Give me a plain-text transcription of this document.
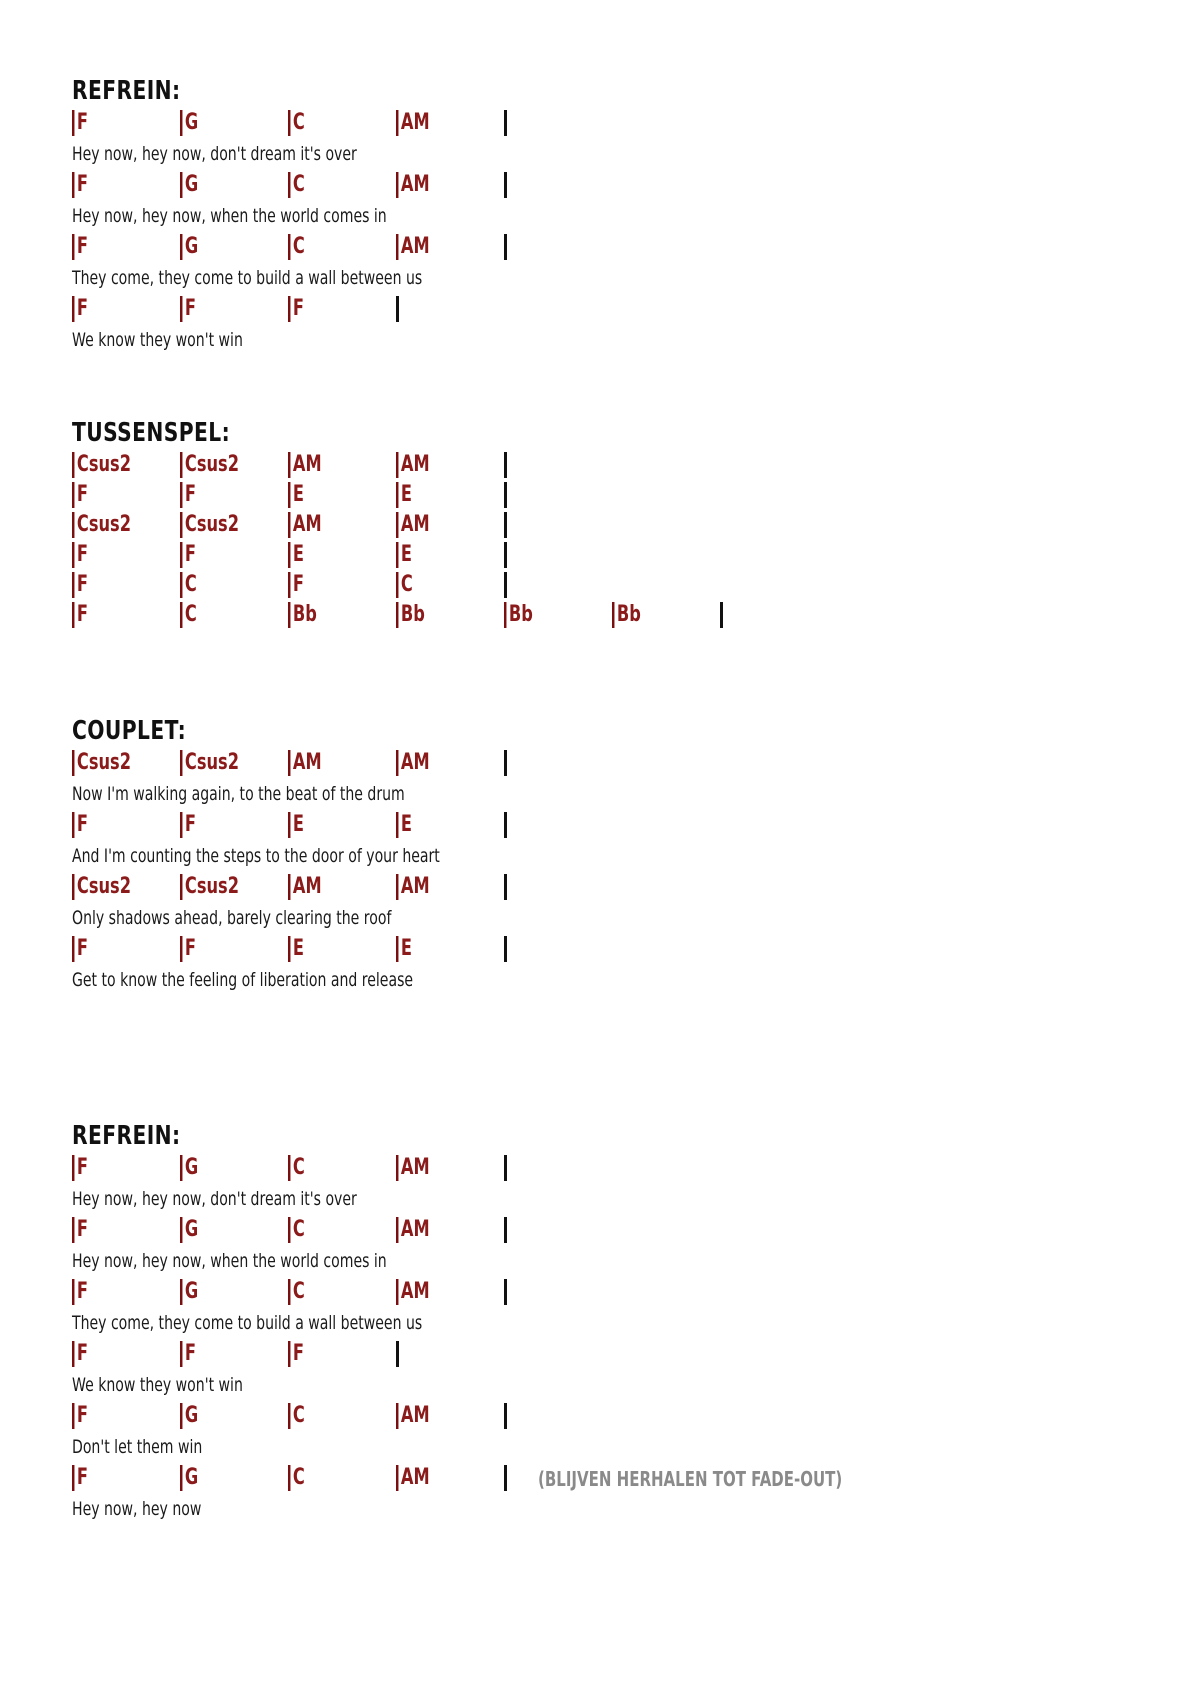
REFREIN:
F	G	C	AM
Hey now, hey now, don't dream it's over
F	G	C	AM
Hey now, hey now, when the world comes in
F	G	C	AM
They come, they come to build a wall between us
F	F	F
We know they won't win
TUSSENSPEL:
Csus2 Csus2 AM	AM
F	F	E	E
Csus2 Csus2 AM	AM
F	F	E	E
F	C	F	C
F	C	Bb	Bb	Bb	Bb
COUPLET:
Csus2 Csus2 AM	AM
Now I'm walking again, to the beat of the drum
F	F	E	E
And I'm counting the steps to the door of your heart
Csus2 Csus2 AM	AM
Only shadows ahead, barely clearing the roof
F	F	E	E
Get to know the feeling of liberation and release
REFREIN:
F	G	C	AM
Hey now, hey now, don't dream it's over
F	G	C	AM
Hey now, hey now, when the world comes in
F	G	C	AM
They come, they come to build a wall between us
F	F	F
We know they won't win
F	G	C	AM
Don't let them win
F	G	C	AM	(BLIJVEN HERHALEN TOT FADE-OUT)
Hey now, hey now
